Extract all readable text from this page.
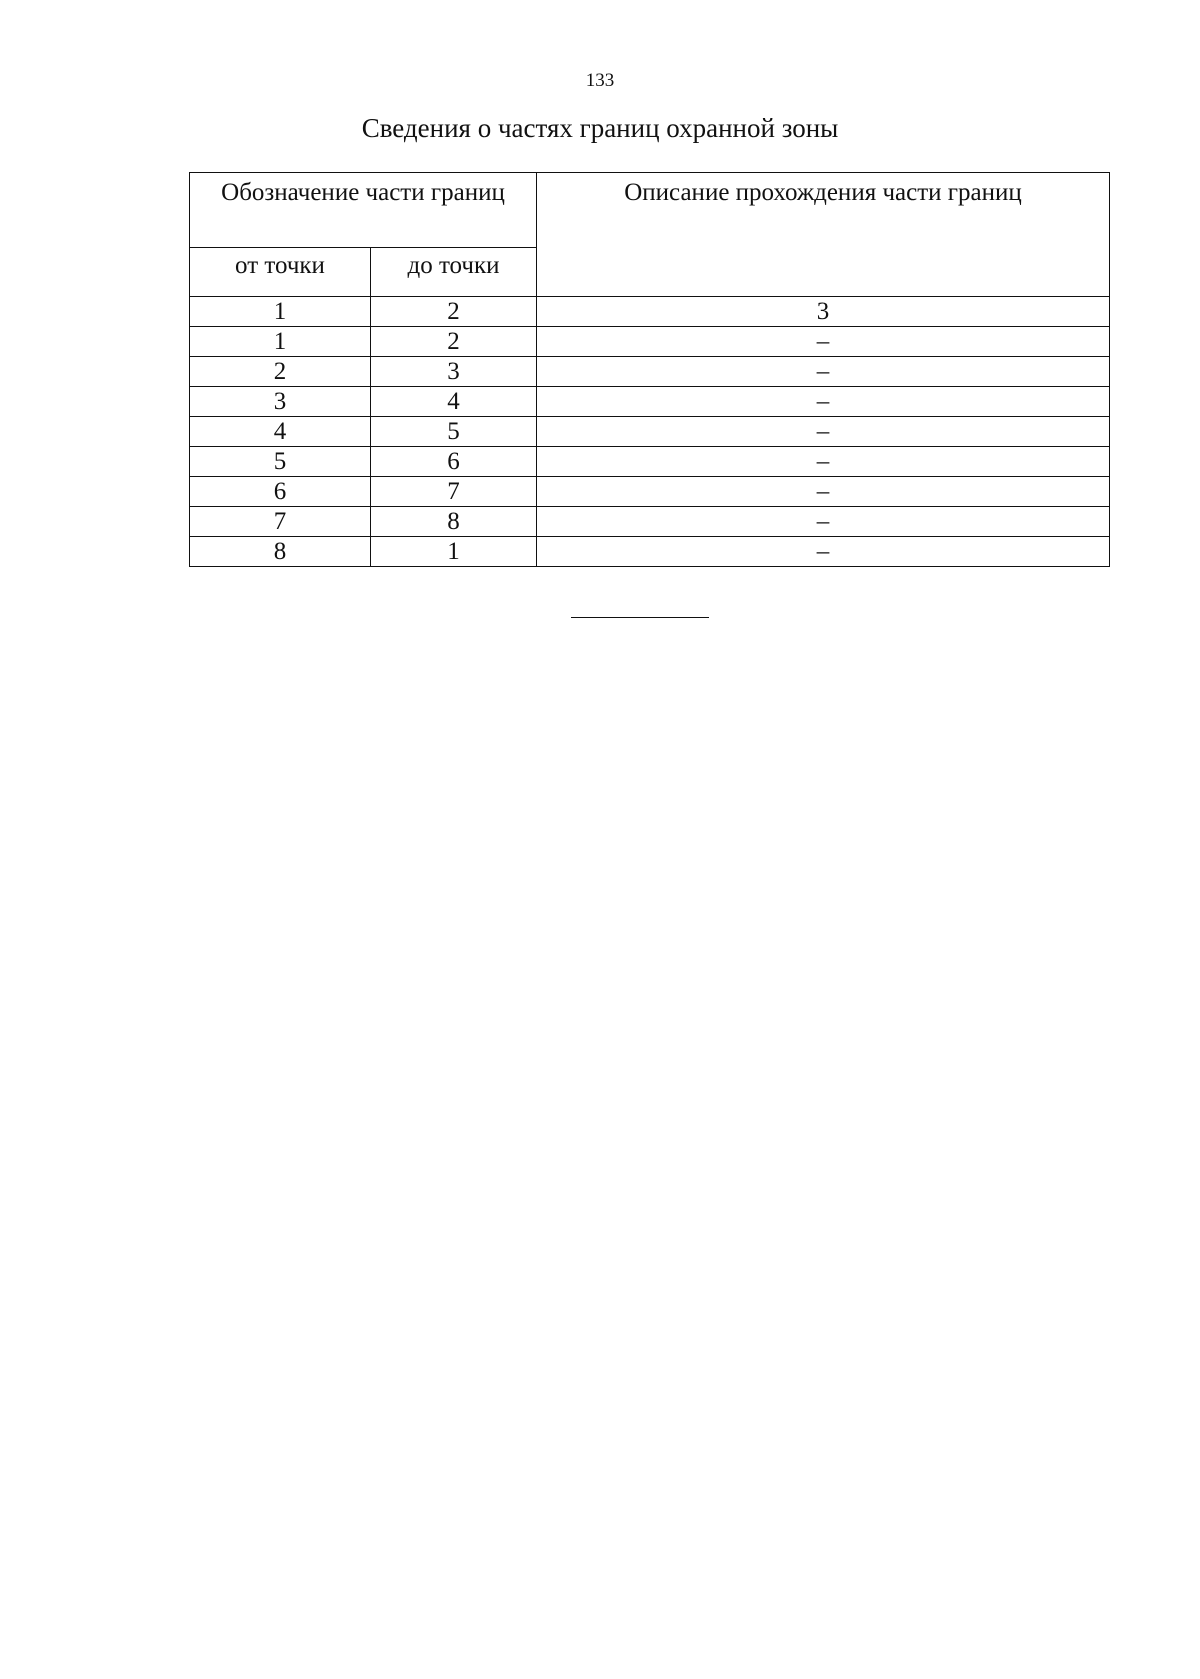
133
Сведения о частях границ охранной зоны
Обозначение части границ		Описание прохождения части границ
от точки	до точки	
1	2	3
1	2	–
2	3	–
3	4	–
4	5	–
5	6	–
6	7	–
7	8	–
8	1	–
